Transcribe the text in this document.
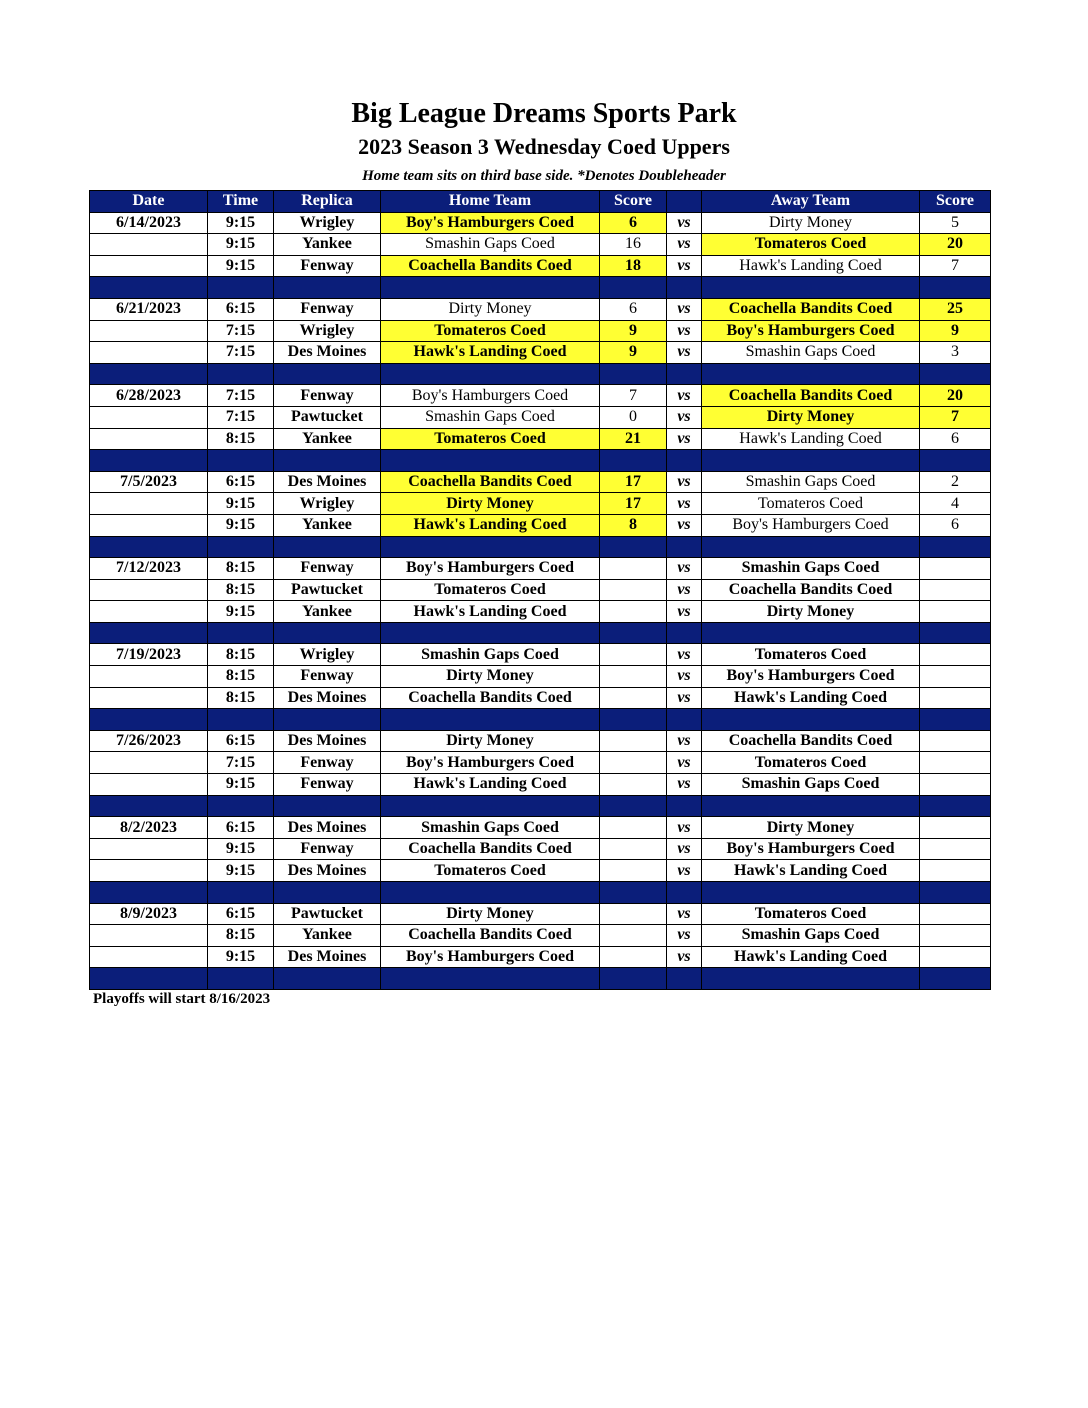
Big League Dreams Sports Park
2023 Season 3 Wednesday Coed Uppers
Home team sits on third base side. *Denotes Doubleheader
Date	Time	Replica	Home Team	Score		Away Team	Score
6/14/2023	9:15	Wrigley	Boy's Hamburgers Coed	6	vs	Dirty Money	5
	9:15	Yankee	Smashin Gaps Coed	16	vs	Tomateros Coed	20
	9:15	Fenway	Coachella Bandits Coed	18	vs	Hawk's Landing Coed	7

6/21/2023	6:15	Fenway	Dirty Money	6	vs	Coachella Bandits Coed	25
	7:15	Wrigley	Tomateros Coed	9	vs	Boy's Hamburgers Coed	9
	7:15	Des Moines	Hawk's Landing Coed	9	vs	Smashin Gaps Coed	3

6/28/2023	7:15	Fenway	Boy's Hamburgers Coed	7	vs	Coachella Bandits Coed	20
	7:15	Pawtucket	Smashin Gaps Coed	0	vs	Dirty Money	7
	8:15	Yankee	Tomateros Coed	21	vs	Hawk's Landing Coed	6

7/5/2023	6:15	Des Moines	Coachella Bandits Coed	17	vs	Smashin Gaps Coed	2
	9:15	Wrigley	Dirty Money	17	vs	Tomateros Coed	4
	9:15	Yankee	Hawk's Landing Coed	8	vs	Boy's Hamburgers Coed	6

7/12/2023	8:15	Fenway	Boy's Hamburgers Coed		vs	Smashin Gaps Coed	
	8:15	Pawtucket	Tomateros Coed		vs	Coachella Bandits Coed	
	9:15	Yankee	Hawk's Landing Coed		vs	Dirty Money	

7/19/2023	8:15	Wrigley	Smashin Gaps Coed		vs	Tomateros Coed	
	8:15	Fenway	Dirty Money		vs	Boy's Hamburgers Coed	
	8:15	Des Moines	Coachella Bandits Coed		vs	Hawk's Landing Coed	

7/26/2023	6:15	Des Moines	Dirty Money		vs	Coachella Bandits Coed	
	7:15	Fenway	Boy's Hamburgers Coed		vs	Tomateros Coed	
	9:15	Fenway	Hawk's Landing Coed		vs	Smashin Gaps Coed	

8/2/2023	6:15	Des Moines	Smashin Gaps Coed		vs	Dirty Money	
	9:15	Fenway	Coachella Bandits Coed		vs	Boy's Hamburgers Coed	
	9:15	Des Moines	Tomateros Coed		vs	Hawk's Landing Coed	

8/9/2023	6:15	Pawtucket	Dirty Money		vs	Tomateros Coed	
	8:15	Yankee	Coachella Bandits Coed		vs	Smashin Gaps Coed	
	9:15	Des Moines	Boy's Hamburgers Coed		vs	Hawk's Landing Coed	

Playoffs will start 8/16/2023
